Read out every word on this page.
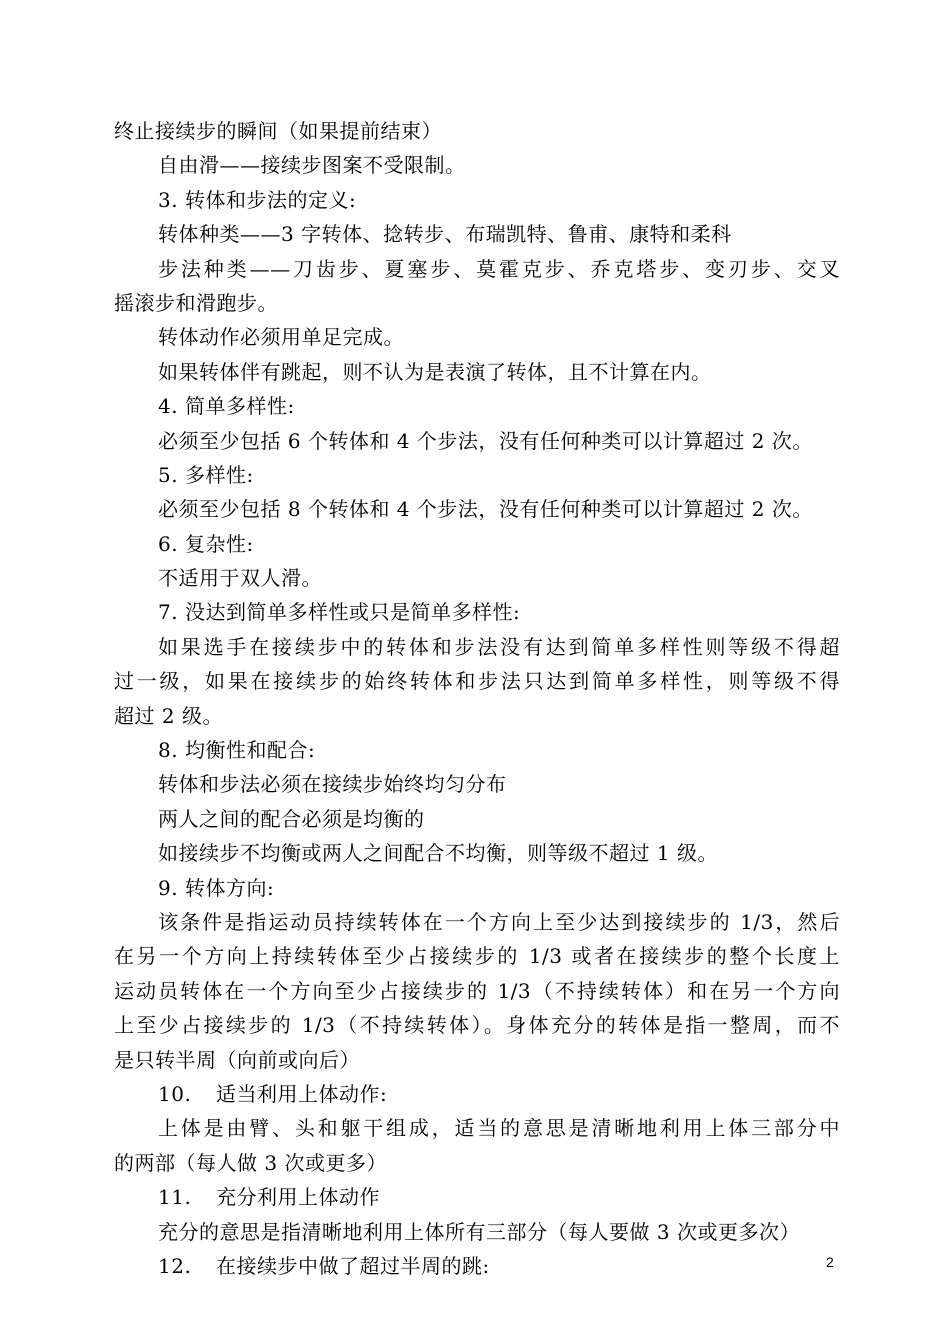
终止接续步的瞬间（如果提前结束）
自由滑——接续步图案不受限制。
3. 转体和步法的定义:
转体种类——3 字转体、捻转步、布瑞凯特、鲁甫、康特和柔科
步法种类——刀齿步、夏塞步、莫霍克步、乔克塔步、变刃步、交叉
摇滚步和滑跑步。
转体动作必须用单足完成。
如果转体伴有跳起，则不认为是表演了转体，且不计算在内。
4. 简单多样性:
必须至少包括 6 个转体和 4 个步法，没有任何种类可以计算超过 2 次。
5. 多样性:
必须至少包括 8 个转体和 4 个步法，没有任何种类可以计算超过 2 次。
6. 复杂性:
不适用于双人滑。
7. 没达到简单多样性或只是简单多样性:
如果选手在接续步中的转体和步法没有达到简单多样性则等级不得超
过一级，如果在接续步的始终转体和步法只达到简单多样性，则等级不得
超过 2 级。
8. 均衡性和配合:
转体和步法必须在接续步始终均匀分布
两人之间的配合必须是均衡的
如接续步不均衡或两人之间配合不均衡，则等级不超过 1 级。
9. 转体方向:
该条件是指运动员持续转体在一个方向上至少达到接续步的 1/3，然后
在另一个方向上持续转体至少占接续步的 1/3 或者在接续步的整个长度上
运动员转体在一个方向至少占接续步的 1/3（不持续转体）和在另一个方向
上至少占接续步的 1/3（不持续转体）。身体充分的转体是指一整周，而不
是只转半周（向前或向后）
10. 适当利用上体动作:
上体是由臂、头和躯干组成，适当的意思是清晰地利用上体三部分中
的两部（每人做 3 次或更多）
11. 充分利用上体动作
充分的意思是指清晰地利用上体所有三部分（每人要做 3 次或更多次）
12. 在接续步中做了超过半周的跳:	2
